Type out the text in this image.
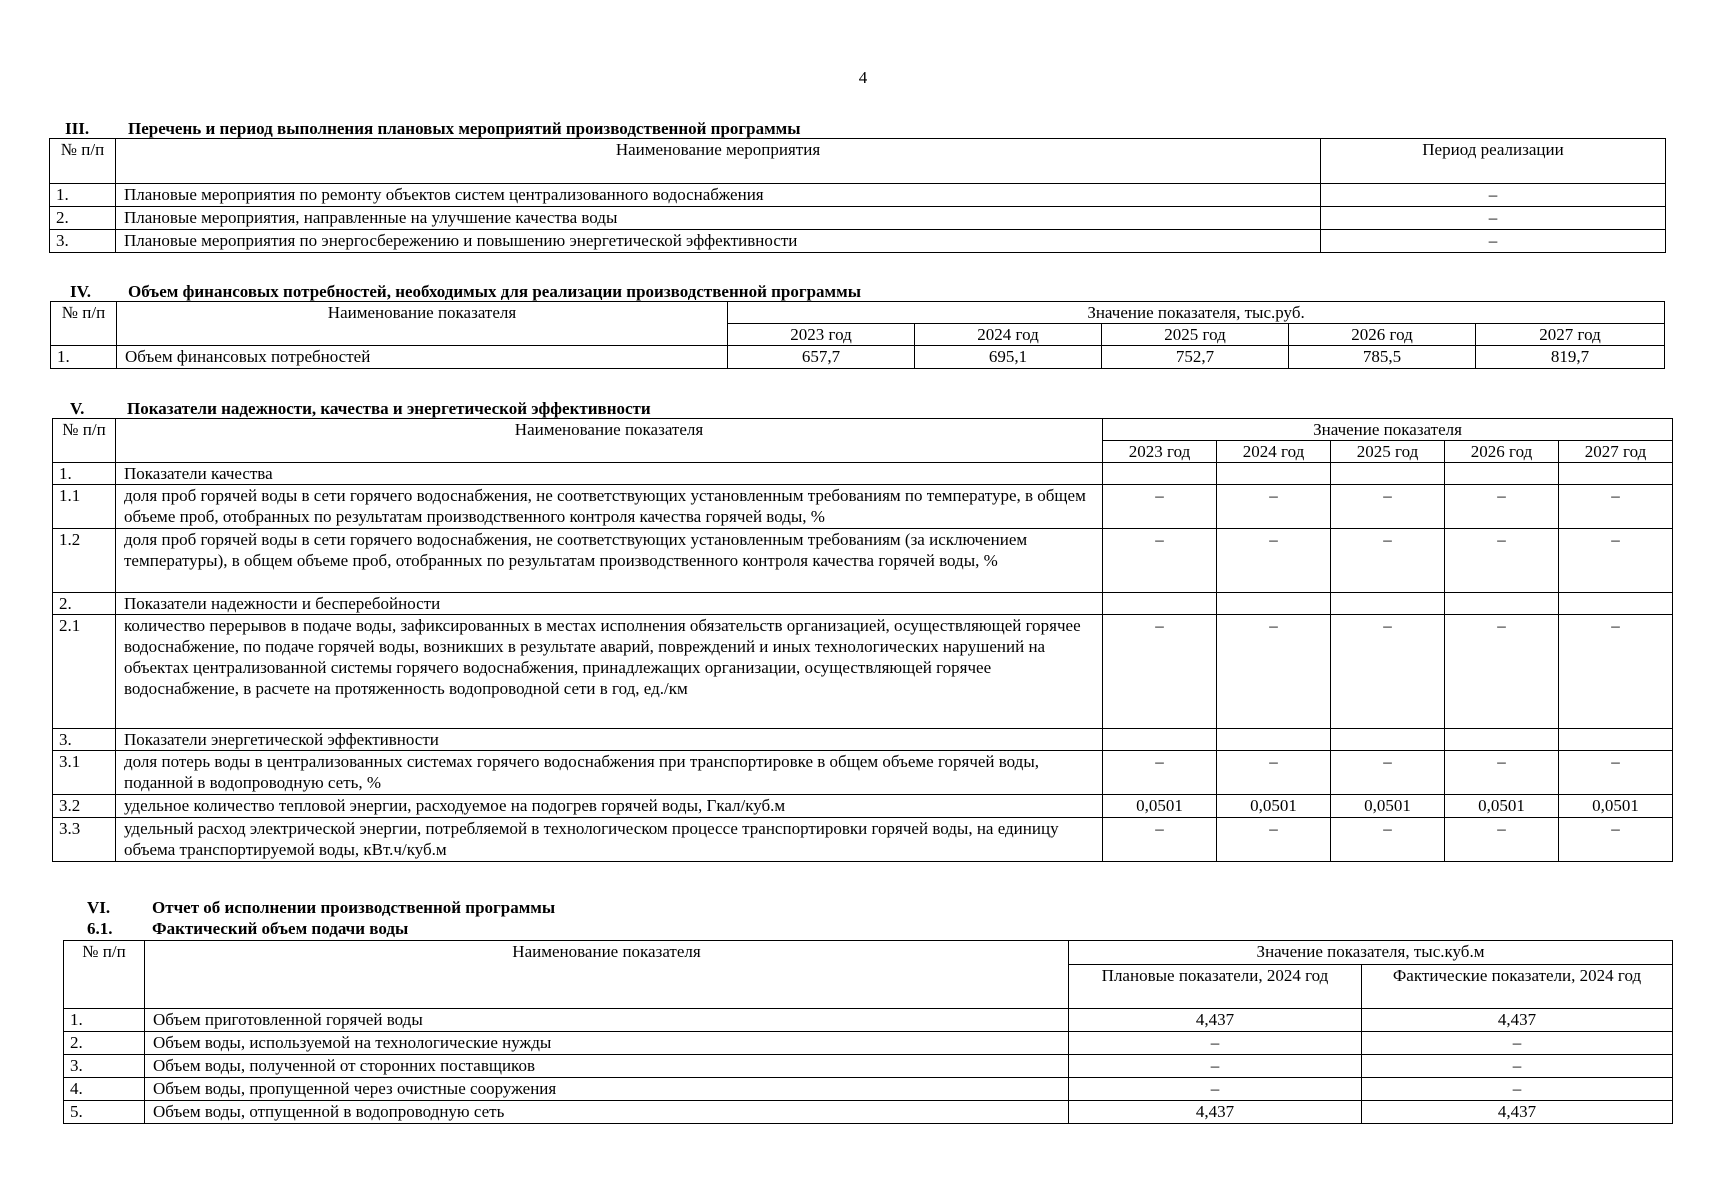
4
III. Перечень и период выполнения плановых мероприятий производственной программы
№ п/п	Наименование мероприятия	Период реализации
1.	Плановые мероприятия по ремонту объектов систем централизованного водоснабжения	–
2.	Плановые мероприятия, направленные на улучшение качества воды	–
3.	Плановые мероприятия по энергосбережению и повышению энергетической эффективности	–
IV. Объем финансовых потребностей, необходимых для реализации производственной программы
№ п/п	Наименование показателя	Значение показателя, тыс.руб.				
		2023 год	2024 год	2025 год	2026 год	2027 год
1.	Объем финансовых потребностей	657,7	695,1	752,7	785,5	819,7
V.	Показатели надежности, качества и энергетической эффективности
№ п/п	Наименование показателя	Значение показателя				
		2023 год	2024 год	2025 год	2026 год	2027 год
1.	Показатели качества					
1.1	доля проб горячей воды в сети горячего водоснабжения, не соответствующих установленным требованиям по температуре, в общем объеме проб, отобранных по результатам производственного контроля качества горячей воды, %	–	–	–	–	–
1.2	доля проб горячей воды в сети горячего водоснабжения, не соответствующих установленным требованиям (за исключением температуры), в общем объеме проб, отобранных по результатам производственного контроля качества горячей воды, %	–	–	–	–	–
2.	Показатели надежности и бесперебойности					
2.1	количество перерывов в подаче воды, зафиксированных в местах исполнения обязательств организацией, осуществляющей горячее водоснабжение, по подаче горячей воды, возникших в результате аварий, повреждений и иных технологических нарушений на объектах централизованной системы горячего водоснабжения, принадлежащих организации, осуществляющей горячее водоснабжение, в расчете на протяженность водопроводной сети в год, ед./км	–	–	–	–	–
3.	Показатели энергетической эффективности					
3.1	доля потерь воды в централизованных системах горячего водоснабжения при транспортировке в общем объеме горячей воды, поданной в водопроводную сеть, %	–	–	–	–	–
3.2	удельное количество тепловой энергии, расходуемое на подогрев горячей воды, Гкал/куб.м	0,0501	0,0501	0,0501	0,0501	0,0501
3.3	удельный расход электрической энергии, потребляемой в технологическом процессе транспортировки горячей воды, на единицу объема транспортируемой воды, кВт.ч/куб.м	–	–	–	–	–
VI. Отчет об исполнении производственной программы
6.1. Фактический объем подачи воды
№ п/п	Наименование показателя	Значение показателя, тыс.куб.м	
		Плановые показатели, 2024 год	Фактические показатели, 2024 год
1.	Объем приготовленной горячей воды	4,437	4,437
2.	Объем воды, используемой на технологические нужды	–	–
3.	Объем воды, полученной от сторонних поставщиков	–	–
4.	Объем воды, пропущенной через очистные сооружения	–	–
5.	Объем воды, отпущенной в водопроводную сеть	4,437	4,437
